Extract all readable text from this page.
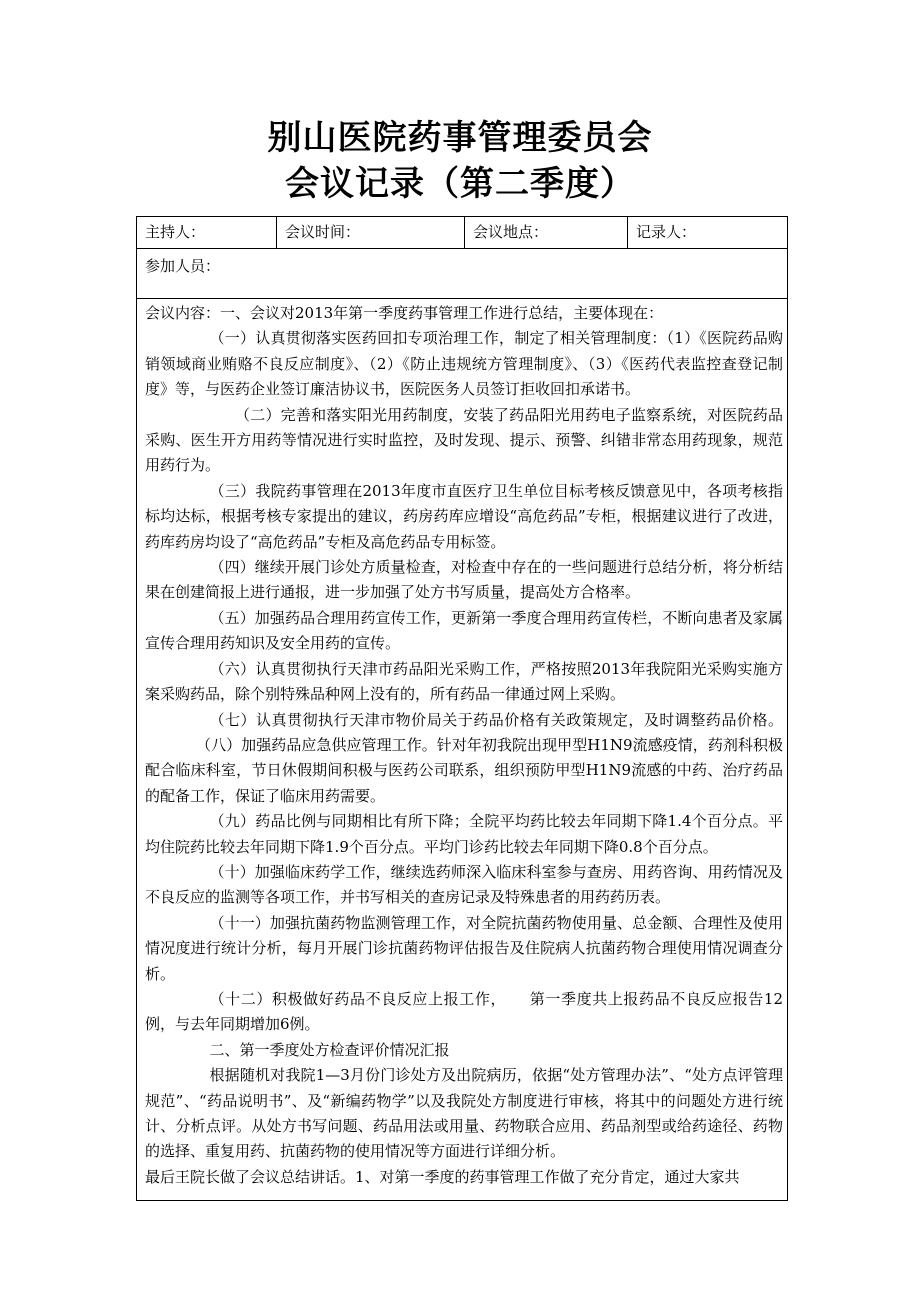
别山医院药事管理委员会
会议记录（第二季度）
主持人：	会议时间：	会议地点：	记录人：
参加人员：

会议内容：一、会议对2013年第一季度药事管理工作进行总结，主要体现在：

（一）认真贯彻落实医药回扣专项治理工作，制定了相关管理制度：（1）《医院药品购销领域商业贿赂不良反应制度》、（2）《防止违规统方管理制度》、（3）《医药代表监控查登记制度》等，与医药企业签订廉洁协议书，医院医务人员签订拒收回扣承诺书。

（二）完善和落实阳光用药制度，安装了药品阳光用药电子监察系统，对医院药品采购、医生开方用药等情况进行实时监控，及时发现、提示、预警、纠错非常态用药现象，规范用药行为。

（三）我院药事管理在2013年度市直医疗卫生单位目标考核反馈意见中，各项考核指标均达标，根据考核专家提出的建议，药房药库应增设“高危药品”专柜，根据建议进行了改进，药库药房均设了“高危药品”专柜及高危药品专用标签。

（四）继续开展门诊处方质量检查，对检查中存在的一些问题进行总结分析，将分析结果在创建简报上进行通报，进一步加强了处方书写质量，提高处方合格率。

（五）加强药品合理用药宣传工作，更新第一季度合理用药宣传栏，不断向患者及家属宣传合理用药知识及安全用药的宣传。

（六）认真贯彻执行天津市药品阳光采购工作，严格按照2013年我院阳光采购实施方案采购药品，除个别特殊品种网上没有的，所有药品一律通过网上采购。

（七）认真贯彻执行天津市物价局关于药品价格有关政策规定，及时调整药品价格。（八）加强药品应急供应管理工作。针对年初我院出现甲型H1N9流感疫情，药剂科积极配合临床科室，节日休假期间积极与医药公司联系，组织预防甲型H1N9流感的中药、治疗药品的配备工作，保证了临床用药需要。

（九）药品比例与同期相比有所下降；全院平均药比较去年同期下降1.4个百分点。平均住院药比较去年同期下降1.9个百分点。平均门诊药比较去年同期下降0.8个百分点。

（十）加强临床药学工作，继续选药师深入临床科室参与查房、用药咨询、用药情况及不良反应的监测等各项工作，并书写相关的查房记录及特殊患者的用药药历表。

（十一）加强抗菌药物监测管理工作，对全院抗菌药物使用量、总金额、合理性及使用情况度进行统计分析，每月开展门诊抗菌药物评估报告及住院病人抗菌药物合理使用情况调查分析。

（十二）积极做好药品不良反应上报工作，　　第一季度共上报药品不良反应报告12例，与去年同期增加6例。

二、第一季度处方检查评价情况汇报

根据随机对我院1—3月份门诊处方及出院病历，依据“处方管理办法”、“处方点评管理规范”、“药品说明书”、及“新编药物学”以及我院处方制度进行审核，将其中的问题处方进行统计、分析点评。从处方书写问题、药品用法或用量、药物联合应用、药品剂型或给药途径、药物的选择、重复用药、抗菌药物的使用情况等方面进行详细分析。

最后王院长做了会议总结讲话。1、对第一季度的药事管理工作做了充分肯定，通过大家共
